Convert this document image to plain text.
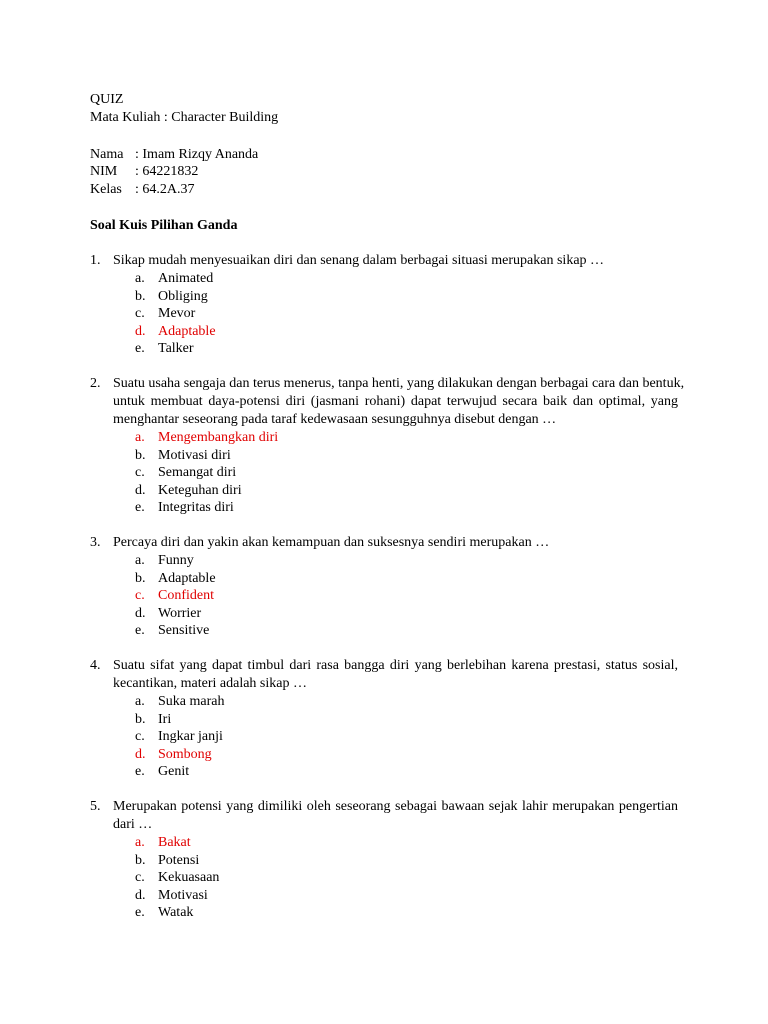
QUIZ
Mata Kuliah : Character Building
Nama : Imam Rizqy Ananda
NIM : 64221832
Kelas : 64.2A.37
Soal Kuis Pilihan Ganda
1. Sikap mudah menyesuaikan diri dan senang dalam berbagai situasi merupakan sikap …
a. Animated
b. Obliging
c. Mevor
d. Adaptable
e. Talker
2. Suatu usaha sengaja dan terus menerus, tanpa henti, yang dilakukan dengan berbagai cara dan bentuk,
untuk membuat daya-potensi diri (jasmani rohani) dapat terwujud secara baik dan optimal, yang
menghantar seseorang pada taraf kedewasaan sesungguhnya disebut dengan …
a. Mengembangkan diri
b. Motivasi diri
c. Semangat diri
d. Keteguhan diri
e. Integritas diri
3. Percaya diri dan yakin akan kemampuan dan suksesnya sendiri merupakan …
a. Funny
b. Adaptable
c. Confident
d. Worrier
e. Sensitive
4. Suatu sifat yang dapat timbul dari rasa bangga diri yang berlebihan karena prestasi, status sosial,
kecantikan, materi adalah sikap …
a. Suka marah
b. Iri
c. Ingkar janji
d. Sombong
e. Genit
5. Merupakan potensi yang dimiliki oleh seseorang sebagai bawaan sejak lahir merupakan pengertian
dari …
a. Bakat
b. Potensi
c. Kekuasaan
d. Motivasi
e. Watak
